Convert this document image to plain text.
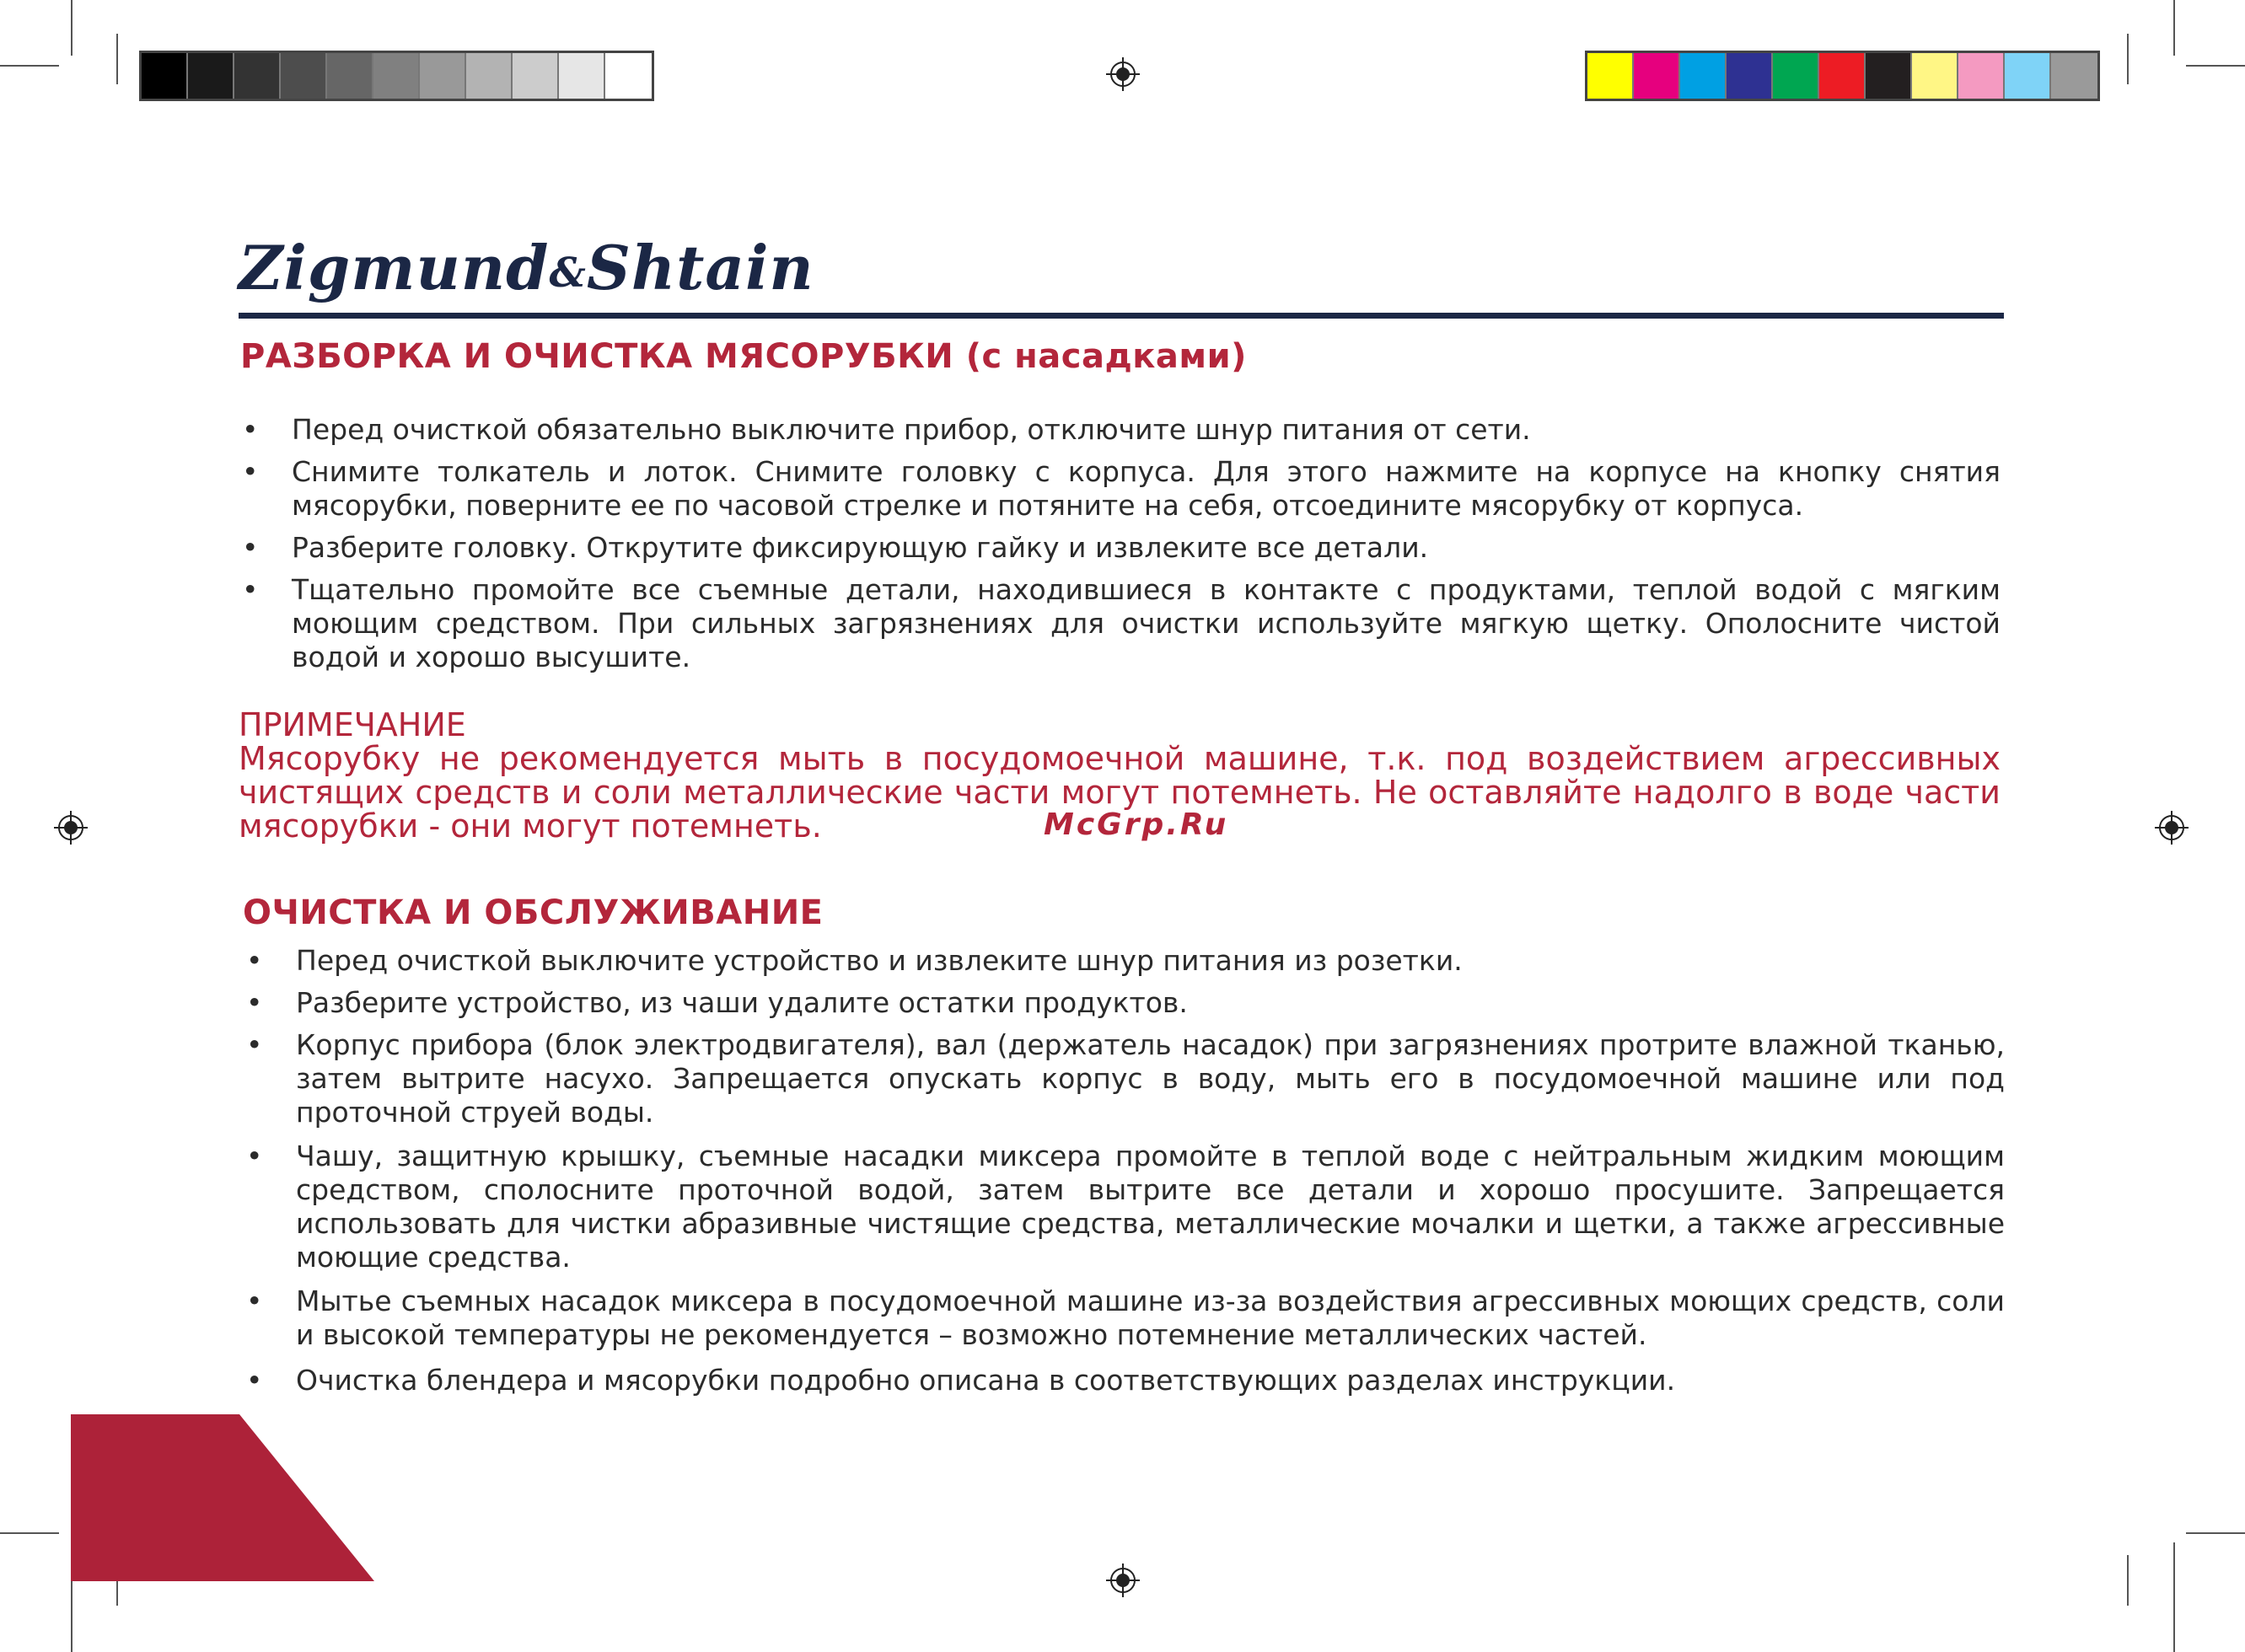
Zigmund&Shtain
РАЗБОРКА И ОЧИСТКА МЯСОРУБКИ (с насадками)
• Перед очисткой обязательно выключите прибор, отключите шнур питания от сети.
• Снимите толкатель и лоток. Снимите головку с корпуса. Для этого нажмите на корпусе на кнопку снятия мясорубки, поверните ее по часовой стрелке и потяните на себя, отсоедините мясорубку от корпуса.
• Разберите головку. Открутите фиксирующую гайку и извлеките все детали.
• Тщательно промойте все съемные детали, находившиеся в контакте с продуктами, теплой водой с мягким моющим средством. При сильных загрязнениях для очистки используйте мягкую щетку. Ополосните чистой водой и хорошо высушите.
ПРИМЕЧАНИЕ
Мясорубку не рекомендуется мыть в посудомоечной машине, т.к. под воздействием агрессивных чистящих средств и соли металлические части могут потемнеть. Не оставляйте надолго в воде части мясорубки - они могут потемнеть.	McGrp.Ru
ОЧИСТКА И ОБСЛУЖИВАНИЕ
• Перед очисткой выключите устройство и извлеките шнур питания из розетки.
• Разберите устройство, из чаши удалите остатки продуктов.
• Корпус прибора (блок электродвигателя), вал (держатель насадок) при загрязнениях протрите влажной тканью, затем вытрите насухо. Запрещается опускать корпус в воду, мыть его в посудомоечной машине или под проточной струей воды.
• Чашу, защитную крышку, съемные насадки миксера промойте в теплой воде с нейтральным жидким моющим средством, сполосните проточной водой, затем вытрите все детали и хорошо просушите. Запрещается использовать для чистки абразивные чистящие средства, металлические мочалки и щетки, а также агрессивные моющие средства.
• Мытье съемных насадок миксера в посудомоечной машине из-за воздействия агрессивных моющих средств, соли и высокой температуры не рекомендуется – возможно потемнение металлических частей.
• Очистка блендера и мясорубки подробно описана в соответствующих разделах инструкции.
